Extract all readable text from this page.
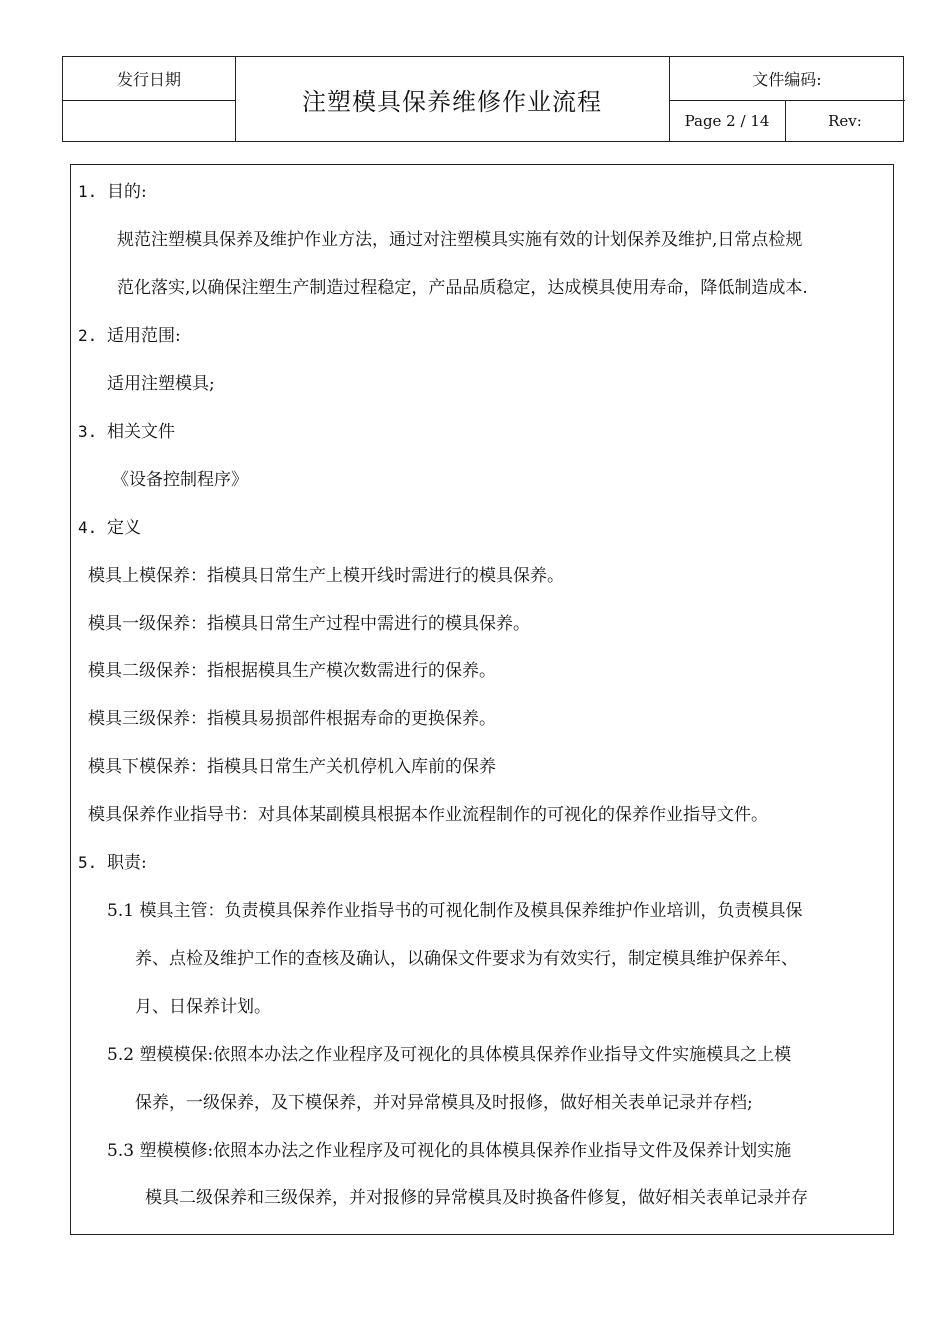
发行日期
注塑模具保养维修作业流程
文件编码:
Page 2 / 14	Rev:
1. 目的:
规范注塑模具保养及维护作业方法，通过对注塑模具实施有效的计划保养及维护,日常点检规
范化落实,以确保注塑生产制造过程稳定，产品品质稳定，达成模具使用寿命，降低制造成本.
2. 适用范围:
适用注塑模具;
3. 相关文件
《设备控制程序》
4. 定义
模具上模保养：指模具日常生产上模开线时需进行的模具保养。
模具一级保养：指模具日常生产过程中需进行的模具保养。
模具二级保养：指根据模具生产模次数需进行的保养。
模具三级保养：指模具易损部件根据寿命的更换保养。
模具下模保养：指模具日常生产关机停机入库前的保养
模具保养作业指导书：对具体某副模具根据本作业流程制作的可视化的保养作业指导文件。
5. 职责:
5.1 模具主管：负责模具保养作业指导书的可视化制作及模具保养维护作业培训，负责模具保
养、点检及维护工作的查核及确认，以确保文件要求为有效实行，制定模具维护保养年、
月、日保养计划。
5.2 塑模模保:依照本办法之作业程序及可视化的具体模具保养作业指导文件实施模具之上模
保养，一级保养，及下模保养，并对异常模具及时报修，做好相关表单记录并存档;
5.3 塑模模修:依照本办法之作业程序及可视化的具体模具保养作业指导文件及保养计划实施
模具二级保养和三级保养，并对报修的异常模具及时换备件修复，做好相关表单记录并存
